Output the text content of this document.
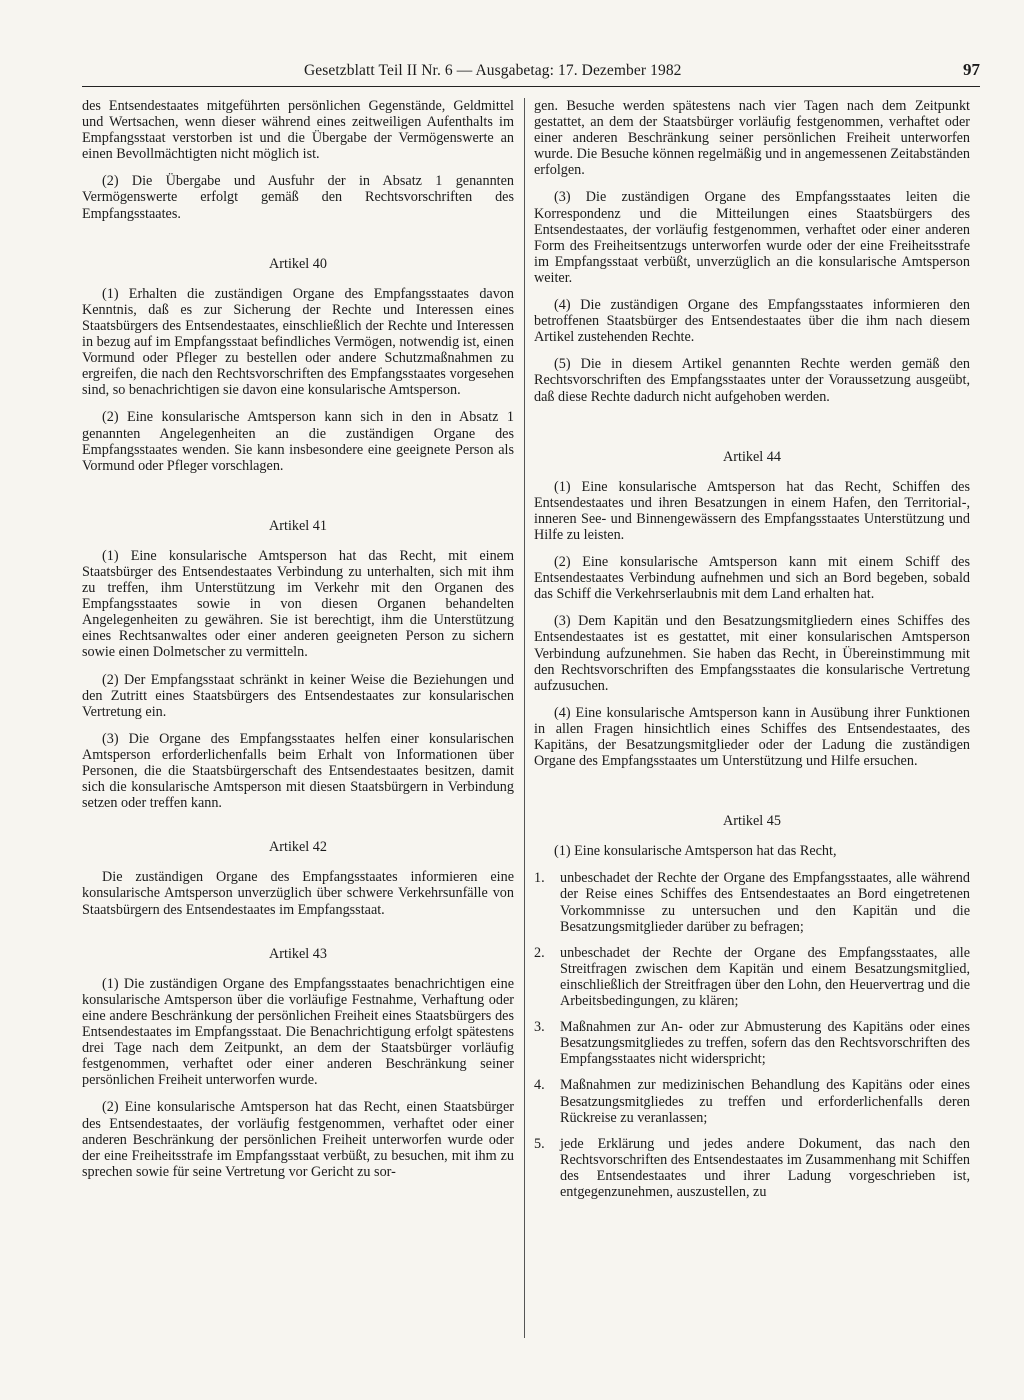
Gesetzblatt Teil II Nr. 6 — Ausgabetag: 17. Dezember 1982	97

des Entsendestaates mitgeführten persönlichen Gegenstände, Geldmittel und Wertsachen, wenn dieser während eines zeitweiligen Aufenthalts im Empfangsstaat verstorben ist und die Übergabe der Vermögenswerte an einen Bevollmächtigten nicht möglich ist.

(2) Die Übergabe und Ausfuhr der in Absatz 1 genannten Vermögenswerte erfolgt gemäß den Rechtsvorschriften des Empfangsstaates.

Artikel 40

(1) Erhalten die zuständigen Organe des Empfangsstaates davon Kenntnis, daß es zur Sicherung der Rechte und Interessen eines Staatsbürgers des Entsendestaates, einschließlich der Rechte und Interessen in bezug auf im Empfangsstaat befindliches Vermögen, notwendig ist, einen Vormund oder Pfleger zu bestellen oder andere Schutzmaßnahmen zu ergreifen, die nach den Rechtsvorschriften des Empfangsstaates vorgesehen sind, so benachrichtigen sie davon eine konsularische Amtsperson.

(2) Eine konsularische Amtsperson kann sich in den in Absatz 1 genannten Angelegenheiten an die zuständigen Organe des Empfangsstaates wenden. Sie kann insbesondere eine geeignete Person als Vormund oder Pfleger vorschlagen.

Artikel 41

(1) Eine konsularische Amtsperson hat das Recht, mit einem Staatsbürger des Entsendestaates Verbindung zu unterhalten, sich mit ihm zu treffen, ihm Unterstützung im Verkehr mit den Organen des Empfangsstaates sowie in von diesen Organen behandelten Angelegenheiten zu gewähren. Sie ist berechtigt, ihm die Unterstützung eines Rechtsanwaltes oder einer anderen geeigneten Person zu sichern sowie einen Dolmetscher zu vermitteln.

(2) Der Empfangsstaat schränkt in keiner Weise die Beziehungen und den Zutritt eines Staatsbürgers des Entsendestaates zur konsularischen Vertretung ein.

(3) Die Organe des Empfangsstaates helfen einer konsularischen Amtsperson erforderlichenfalls beim Erhalt von Informationen über Personen, die die Staatsbürgerschaft des Entsendestaates besitzen, damit sich die konsularische Amtsperson mit diesen Staatsbürgern in Verbindung setzen oder treffen kann.

Artikel 42

Die zuständigen Organe des Empfangsstaates informieren eine konsularische Amtsperson unverzüglich über schwere Verkehrsunfälle von Staatsbürgern des Entsendestaates im Empfangsstaat.

Artikel 43

(1) Die zuständigen Organe des Empfangsstaates benachrichtigen eine konsularische Amtsperson über die vorläufige Festnahme, Verhaftung oder eine andere Beschränkung der persönlichen Freiheit eines Staatsbürgers des Entsendestaates im Empfangsstaat. Die Benachrichtigung erfolgt spätestens drei Tage nach dem Zeitpunkt, an dem der Staatsbürger vorläufig festgenommen, verhaftet oder einer anderen Beschränkung seiner persönlichen Freiheit unterworfen wurde.

(2) Eine konsularische Amtsperson hat das Recht, einen Staatsbürger des Entsendestaates, der vorläufig festgenommen, verhaftet oder einer anderen Beschränkung der persönlichen Freiheit unterworfen wurde oder der eine Freiheitsstrafe im Empfangsstaat verbüßt, zu besuchen, mit ihm zu sprechen sowie für seine Vertretung vor Gericht zu sor-

gen. Besuche werden spätestens nach vier Tagen nach dem Zeitpunkt gestattet, an dem der Staatsbürger vorläufig festgenommen, verhaftet oder einer anderen Beschränkung seiner persönlichen Freiheit unterworfen wurde. Die Besuche können regelmäßig und in angemessenen Zeitabständen erfolgen.

(3) Die zuständigen Organe des Empfangsstaates leiten die Korrespondenz und die Mitteilungen eines Staatsbürgers des Entsendestaates, der vorläufig festgenommen, verhaftet oder einer anderen Form des Freiheitsentzugs unterworfen wurde oder der eine Freiheitsstrafe im Empfangsstaat verbüßt, unverzüglich an die konsularische Amtsperson weiter.

(4) Die zuständigen Organe des Empfangsstaates informieren den betroffenen Staatsbürger des Entsendestaates über die ihm nach diesem Artikel zustehenden Rechte.

(5) Die in diesem Artikel genannten Rechte werden gemäß den Rechtsvorschriften des Empfangsstaates unter der Voraussetzung ausgeübt, daß diese Rechte dadurch nicht aufgehoben werden.

Artikel 44

(1) Eine konsularische Amtsperson hat das Recht, Schiffen des Entsendestaates und ihren Besatzungen in einem Hafen, den Territorial-, inneren See- und Binnengewässern des Empfangsstaates Unterstützung und Hilfe zu leisten.

(2) Eine konsularische Amtsperson kann mit einem Schiff des Entsendestaates Verbindung aufnehmen und sich an Bord begeben, sobald das Schiff die Verkehrserlaubnis mit dem Land erhalten hat.

(3) Dem Kapitän und den Besatzungsmitgliedern eines Schiffes des Entsendestaates ist es gestattet, mit einer konsularischen Amtsperson Verbindung aufzunehmen. Sie haben das Recht, in Übereinstimmung mit den Rechtsvorschriften des Empfangsstaates die konsularische Vertretung aufzusuchen.

(4) Eine konsularische Amtsperson kann in Ausübung ihrer Funktionen in allen Fragen hinsichtlich eines Schiffes des Entsendestaates, des Kapitäns, der Besatzungsmitglieder oder der Ladung die zuständigen Organe des Empfangsstaates um Unterstützung und Hilfe ersuchen.

Artikel 45

(1) Eine konsularische Amtsperson hat das Recht,

1.	unbeschadet der Rechte der Organe des Empfangsstaates, alle während der Reise eines Schiffes des Entsendestaates an Bord eingetretenen Vorkommnisse zu untersuchen und den Kapitän und die Besatzungsmitglieder darüber zu befragen;
2.	unbeschadet der Rechte der Organe des Empfangsstaates, alle Streitfragen zwischen dem Kapitän und einem Besatzungsmitglied, einschließlich der Streitfragen über den Lohn, den Heuervertrag und die Arbeitsbedingungen, zu klären;
3.	Maßnahmen zur An- oder zur Abmusterung des Kapitäns oder eines Besatzungsmitgliedes zu treffen, sofern das den Rechtsvorschriften des Empfangsstaates nicht widerspricht;
4.	Maßnahmen zur medizinischen Behandlung des Kapitäns oder eines Besatzungsmitgliedes zu treffen und erforderlichenfalls deren Rückreise zu veranlassen;
5.	jede Erklärung und jedes andere Dokument, das nach den Rechtsvorschriften des Entsendestaates im Zusammenhang mit Schiffen des Entsendestaates und ihrer Ladung vorgeschrieben ist, entgegenzunehmen, auszustellen, zu
